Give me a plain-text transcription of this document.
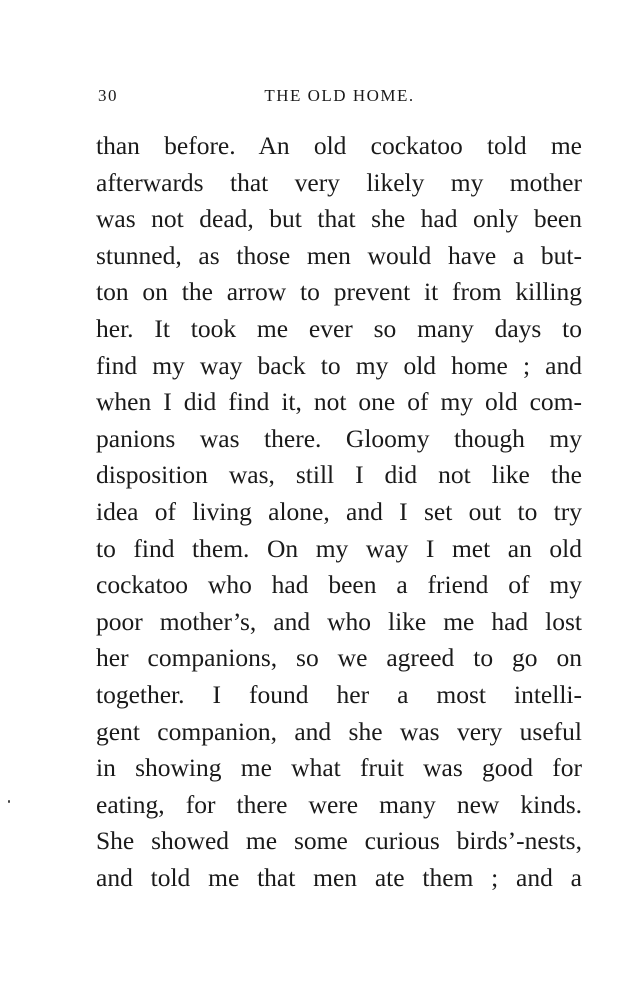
30	THE OLD HOME.
than before. An old cockatoo told me
afterwards that very likely my mother
was not dead, but that she had only been
stunned, as those men would have a but-
ton on the arrow to prevent it from killing
her. It took me ever so many days to
find my way back to my old home ; and
when I did find it, not one of my old com-
panions was there. Gloomy though my
disposition was, still I did not like the
idea of living alone, and I set out to try
to find them. On my way I met an old
cockatoo who had been a friend of my
poor mother’s, and who like me had lost
her companions, so we agreed to go on
together. I found her a most intelli-
gent companion, and she was very useful
in showing me what fruit was good for
eating, for there were many new kinds.
She showed me some curious birds’-nests,
and told me that men ate them ; and a
